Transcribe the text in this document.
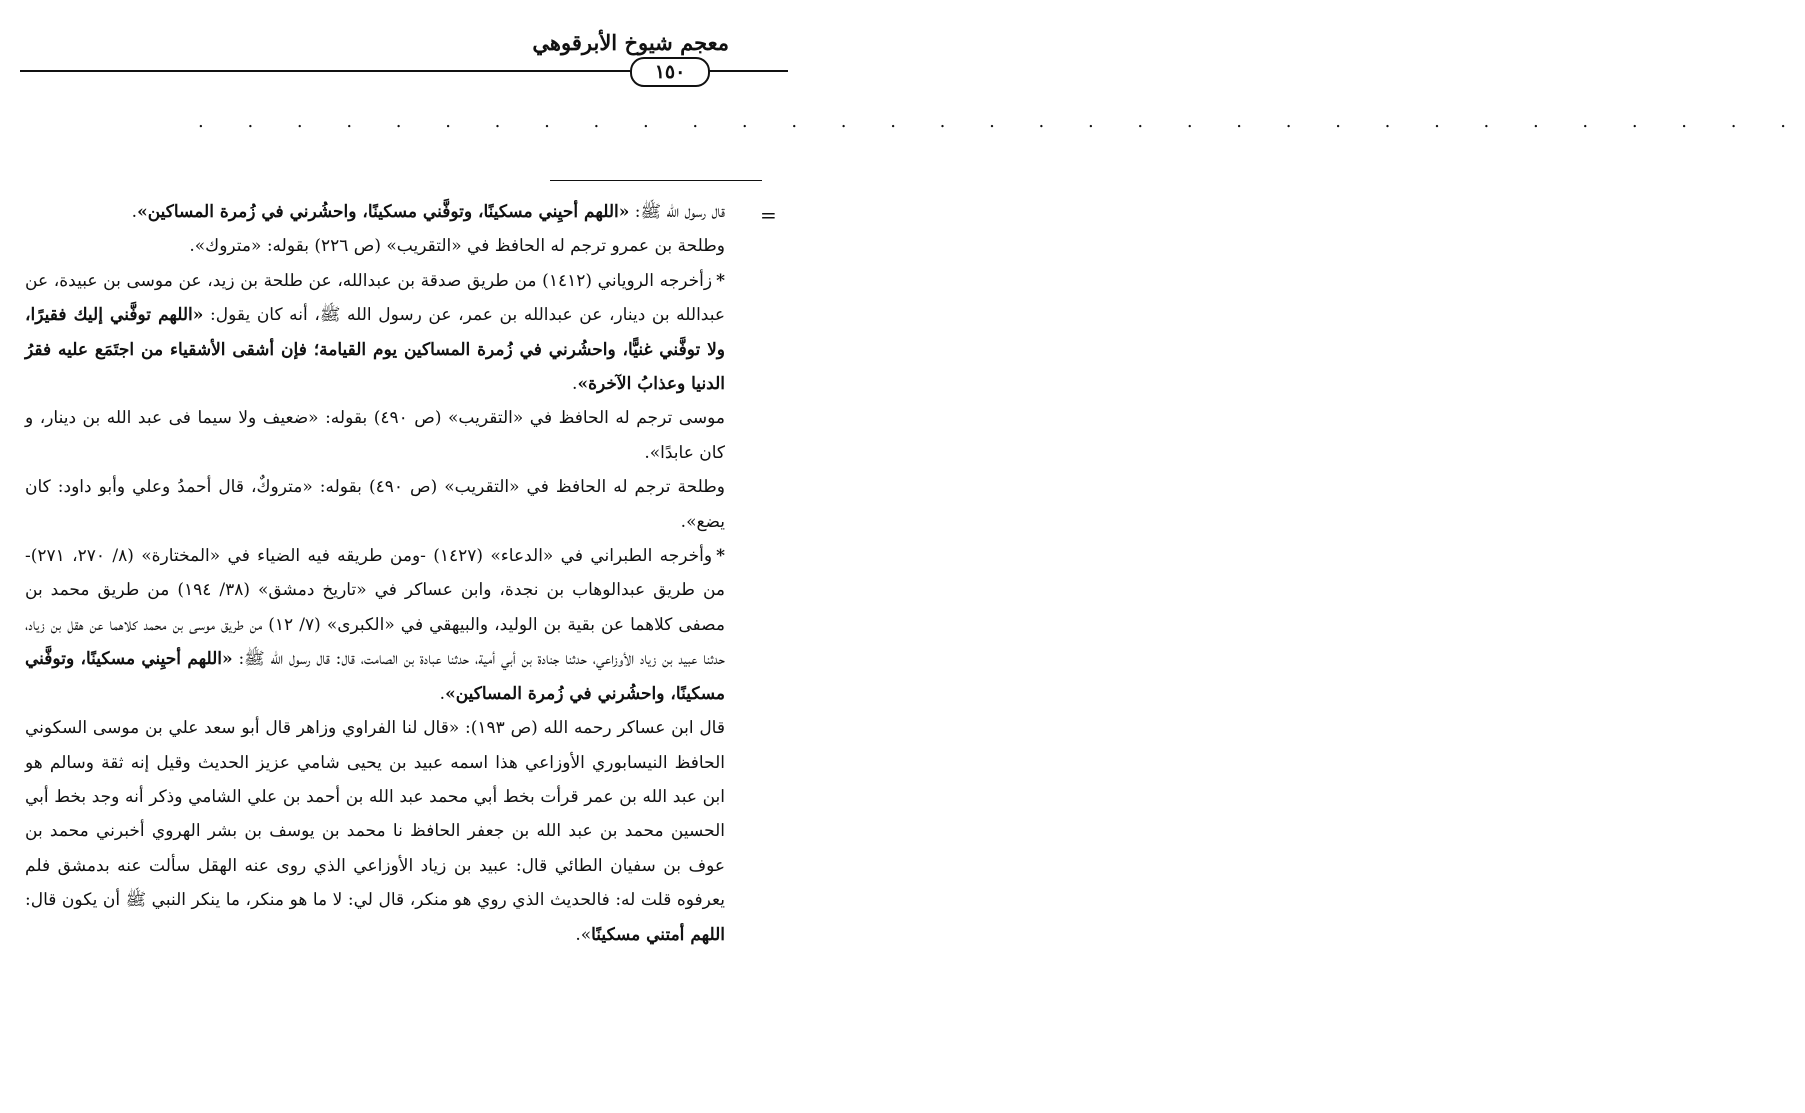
معجم شيوخ الأبرقوهي
١٥٠
. . . . . . . . . . . . . . . . . . . . . . . . . . . . . . . . .
=

قال رسول الله ﷺ: «اللهم أحيِني مسكينًا، وتوفَّني مسكينًا، واحشُرني في زُمرة المساكين».

وطلحة بن عمرو ترجم له الحافظ في «التقريب» (ص ٢٢٦) بقوله: «متروك».

*زأخرجه الروياني (١٤١٢) من طريق صدقة بن عبدالله، عن طلحة بن زيد، عن موسى بن عبيدة، عن عبدالله بن دينار، عن عبدالله بن عمر، عن رسول الله ﷺ، أنه كان يقول: «اللهم توفَّني إليك فقيرًا، ولا توفَّني غنيًّا، واحشُرني في زُمرة المساكين يوم القيامة؛ فإن أشقى الأشقياء من اجتَمَع عليه فقرُ الدنيا وعذابُ الآخرة».

موسى ترجم له الحافظ في «التقريب» (ص ٤٩٠) بقوله: «ضعيف ولا سيما فى عبد الله بن دينار، و كان عابدًا».

وطلحة ترجم له الحافظ في «التقريب» (ص ٤٩٠) بقوله: «متروكٌ، قال أحمدُ وعلي وأبو داود: كان يضع».

*وأخرجه الطبراني في «الدعاء» (١٤٢٧) -ومن طريقه فيه الضياء في «المختارة» (٨/ ٢٧٠، ٢٧١)- من طريق عبدالوهاب بن نجدة، وابن عساكر في «تاريخ دمشق» (٣٨/ ١٩٤) من طريق محمد بن مصفى كلاهما عن بقية بن الوليد، والبيهقي في «الكبرى» (٧/ ١٢) من طريق موسى بن محمد كلاهما عن هقل بن زياد، حدثنا عبيد بن زياد الأوزاعي، حدثنا جنادة بن أبي أمية، حدثنا عبادة بن الصامت، قال: قال رسول الله ﷺ: «اللهم أحيِني مسكينًا، وتوفَّني مسكينًا، واحشُرني في زُمرة المساكين».

قال ابن عساكر رحمه الله (ص ١٩٣): «قال لنا الفراوي وزاهر قال أبو سعد علي بن موسى السكوني الحافظ النيسابوري الأوزاعي هذا اسمه عبيد بن يحيى شامي عزيز الحديث وقيل إنه ثقة وسالم هو ابن عبد الله بن عمر قرأت بخط أبي محمد عبد الله بن أحمد بن علي الشامي وذكر أنه وجد بخط أبي الحسين محمد بن عبد الله بن جعفر الحافظ نا محمد بن يوسف بن بشر الهروي أخبرني محمد بن عوف بن سفيان الطائي قال: عبيد بن زياد الأوزاعي الذي روى عنه الهقل سألت عنه بدمشق فلم يعرفوه قلت له: فالحديث الذي روي هو منكر، قال لي: لا ما هو منكر، ما ينكر النبي ﷺ أن يكون قال: اللهم أمتني مسكينًا».
